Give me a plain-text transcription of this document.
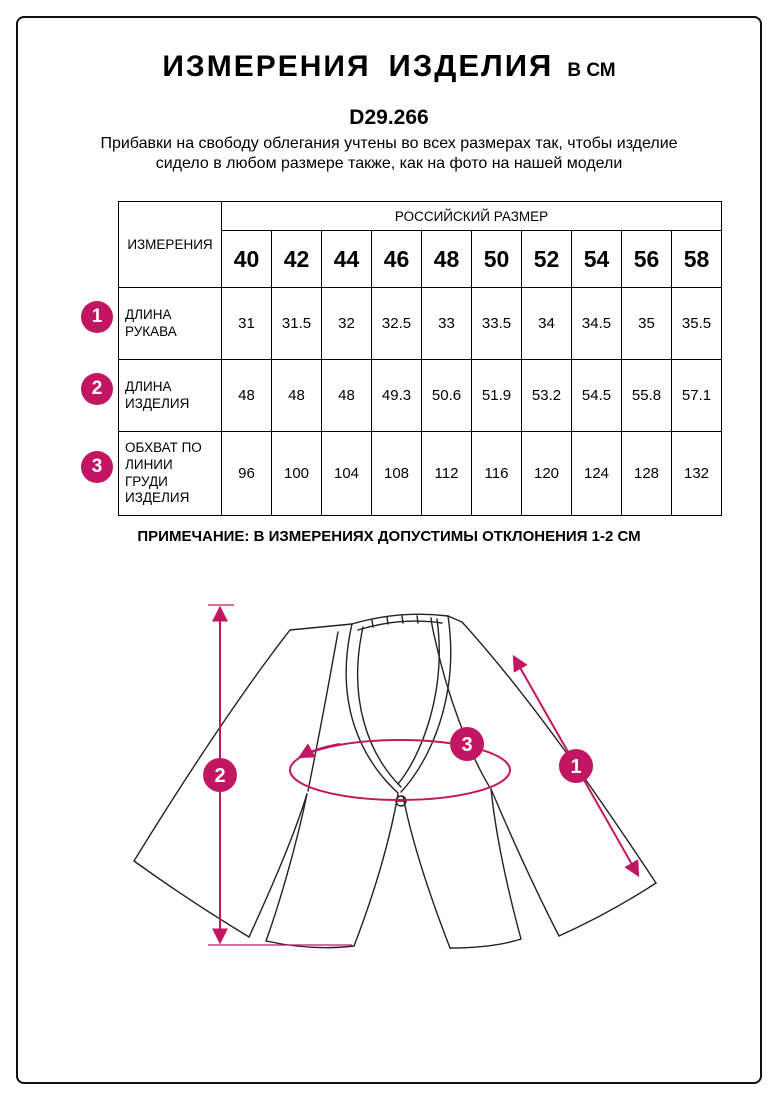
ИЗМЕРЕНИЯ ИЗДЕЛИЯ В СМ
D29.266
Прибавки на свободу облегания учтены во всех размерах так, чтобы изделие сидело в любом размере также, как на фото на нашей модели
ИЗМЕРЕНИЯ	РОССИЙСКИЙ РАЗМЕР									
	40	42	44	46	48	50	52	54	56	58
ДЛИНА РУКАВА	31	31.5	32	32.5	33	33.5	34	34.5	35	35.5
ДЛИНА ИЗДЕЛИЯ	48	48	48	49.3	50.6	51.9	53.2	54.5	55.8	57.1
ОБХВАТ ПО ЛИНИИ ГРУДИ ИЗДЕЛИЯ	96	100	104	108	112	116	120	124	128	132
1
2
3
ПРИМЕЧАНИЕ: В ИЗМЕРЕНИЯХ ДОПУСТИМЫ ОТКЛОНЕНИЯ 1-2 СМ
1
2
3
